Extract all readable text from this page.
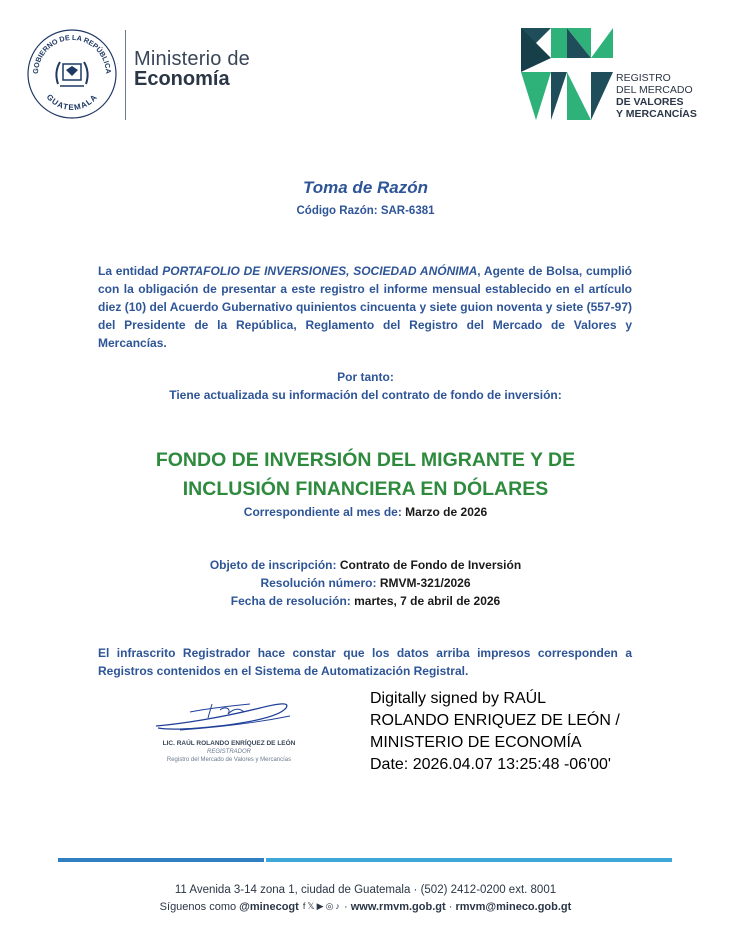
GOBIERNO DE LA REPÚBLICA
GUATEMALA
Ministerio de
Economía	REGISTRO
DEL MERCADO
DE VALORES
Y MERCANCÍAS
Toma de Razón
Código Razón: SAR-6381
La entidad PORTAFOLIO DE INVERSIONES, SOCIEDAD ANÓNIMA, Agente de Bolsa, cumplió con la obligación de presentar a este registro el informe mensual establecido en el artículo diez (10) del Acuerdo Gubernativo quinientos cincuenta y siete guion noventa y siete (557-97) del Presidente de la República, Reglamento del Registro del Mercado de Valores y Mercancías.
Por tanto:
Tiene actualizada su información del contrato de fondo de inversión:
FONDO DE INVERSIÓN DEL MIGRANTE Y DE
INCLUSIÓN FINANCIERA EN DÓLARES
Correspondiente al mes de: Marzo de 2026
Objeto de inscripción: Contrato de Fondo de Inversión
Resolución número: RMVM-321/2026
Fecha de resolución: martes, 7 de abril de 2026
El infrascrito Registrador hace constar que los datos arriba impresos corresponden a Registros contenidos en el Sistema de Automatización Registral.
LIC. RAÚL ROLANDO ENRÍQUEZ DE LEÓN
REGISTRADOR
Registro del Mercado de Valores y Mercancías
Digitally signed by RAÚL
ROLANDO ENRIQUEZ DE LEÓN /
MINISTERIO DE ECONOMÍA
Date: 2026.04.07 13:25:48 -06'00'
11 Avenida 3-14 zona 1, ciudad de Guatemala · (502) 2412-0200 ext. 8001
Síguenos como @minecogt f 𝕏 ▶ ◎ ♪ · www.rmvm.gob.gt · rmvm@mineco.gob.gt
